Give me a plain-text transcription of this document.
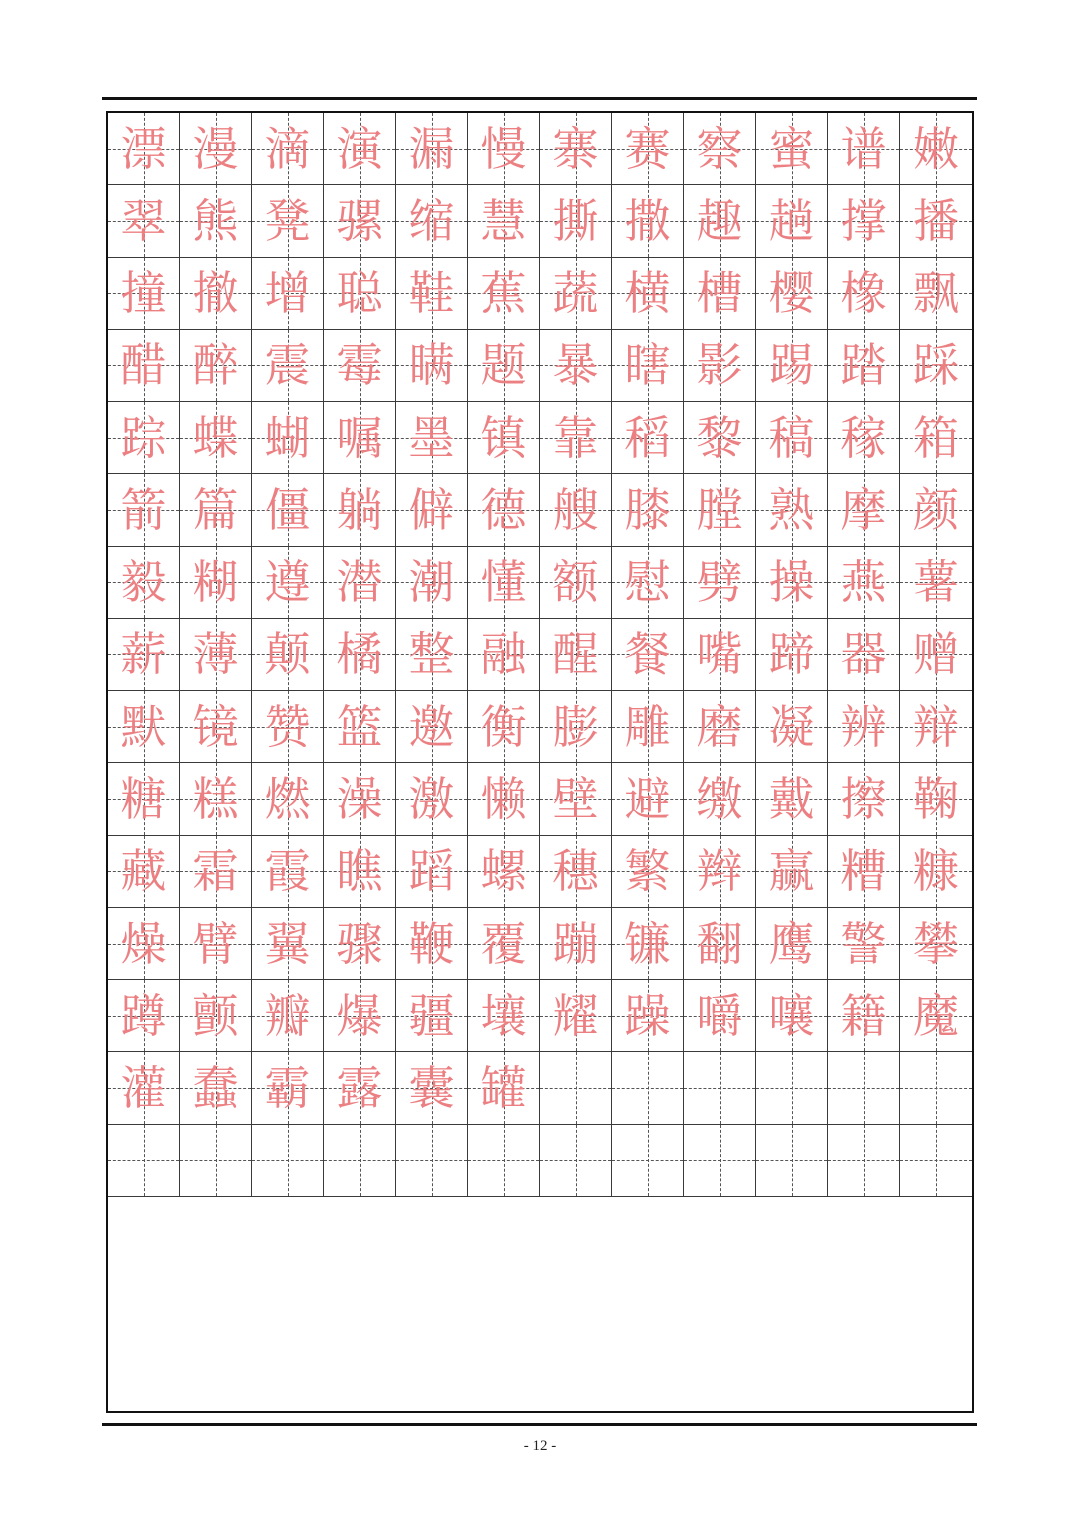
漂 漫 滴 演 漏 慢 寨 赛 察 蜜 谱 嫩
翠 熊 凳 骡 缩 慧 撕 撒 趣 趟 撑 播
撞 撤 增 聪 鞋 蕉 蔬 横 槽 樱 橡 飘
醋 醉 震 霉 瞒 题 暴 瞎 影 踢 踏 踩
踪 蝶 蝴 嘱 墨 镇 靠 稻 黎 稿 稼 箱
箭 篇 僵 躺 僻 德 艘 膝 膛 熟 摩 颜
毅 糊 遵 潜 潮 懂 额 慰 劈 操 燕 薯
薪 薄 颠 橘 整 融 醒 餐 嘴 蹄 器 赠
默 镜 赞 篮 邀 衡 膨 雕 磨 凝 辨 辩
糖 糕 燃 澡 激 懒 壁 避 缴 戴 擦 鞠
藏 霜 霞 瞧 蹈 螺 穗 繁 辫 赢 糟 糠
燥 臂 翼 骤 鞭 覆 蹦 镰 翻 鹰 警 攀
蹲 颤 瓣 爆 疆 壤 耀 躁 嚼 嚷 籍 魔
灌 蠢 霸 露 囊 罐
- 12 -
